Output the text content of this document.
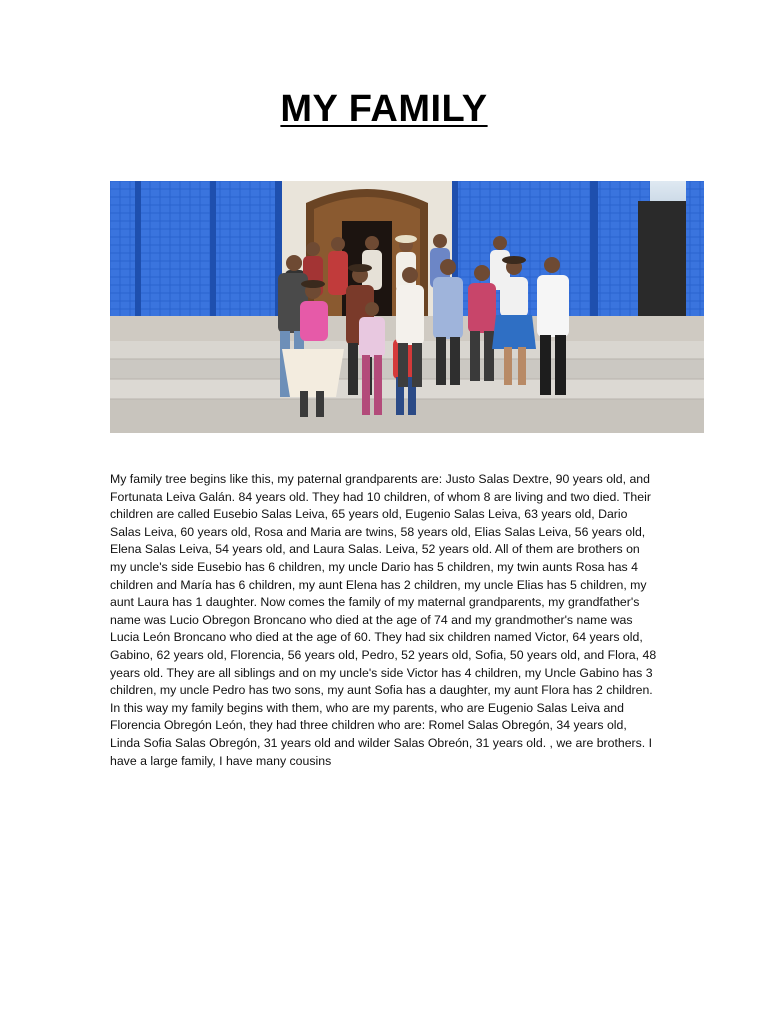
MY FAMILY

My family tree begins like this, my paternal grandparents are: Justo Salas Dextre, 90 years old, and Fortunata Leiva Galán. 84 years old. They had 10 children, of whom 8 are living and two died. Their children are called Eusebio Salas Leiva, 65 years old, Eugenio Salas Leiva, 63 years old, Dario Salas Leiva, 60 years old, Rosa and Maria are twins, 58 years old, Elias Salas Leiva, 56 years old, Elena Salas Leiva, 54 years old, and Laura Salas. Leiva, 52 years old. All of them are brothers on my uncle's side Eusebio has 6 children, my uncle Dario has 5 children, my twin aunts Rosa has 4 children and María has 6 children, my aunt Elena has 2 children, my uncle Elias has 5 children, my aunt Laura has 1 daughter. Now comes the family of my maternal grandparents, my grandfather's name was Lucio Obregon Broncano who died at the age of 74 and my grandmother's name was Lucia León Broncano who died at the age of 60. They had six children named Victor, 64 years old, Gabino, 62 years old, Florencia, 56 years old, Pedro, 52 years old, Sofia, 50 years old, and Flora, 48 years old. They are all siblings and on my uncle's side Victor has 4 children, my Uncle Gabino has 3 children, my uncle Pedro has two sons, my aunt Sofia has a daughter, my aunt Flora has 2 children. In this way my family begins with them, who are my parents, who are Eugenio Salas Leiva and Florencia Obregón León, they had three children who are: Romel Salas Obregón, 34 years old, Linda Sofia Salas Obregón, 31 years old and wilder Salas Obreón, 31 years old. , we are brothers. I have a large family, I have many cousins
